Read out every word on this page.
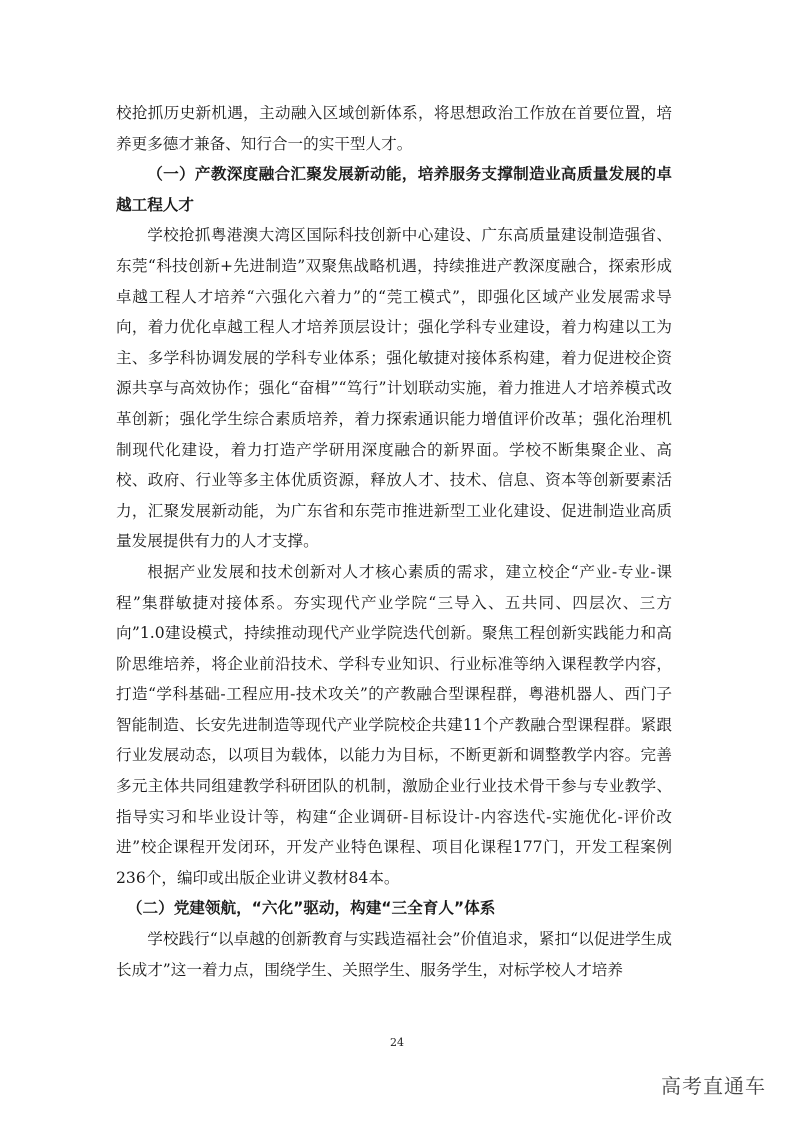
校抢抓历史新机遇，主动融入区域创新体系，将思想政治工作放在首要位置，培养更多德才兼备、知行合一的实干型人才。

（一）产教深度融合汇聚发展新动能，培养服务支撑制造业高质量发展的卓越工程人才

学校抢抓粤港澳大湾区国际科技创新中心建设、广东高质量建设制造强省、东莞“科技创新+先进制造”双聚焦战略机遇，持续推进产教深度融合，探索形成卓越工程人才培养“六强化六着力”的“莞工模式”，即强化区域产业发展需求导向，着力优化卓越工程人才培养顶层设计；强化学科专业建设，着力构建以工为主、多学科协调发展的学科专业体系；强化敏捷对接体系构建，着力促进校企资源共享与高效协作；强化“奋楫”“笃行”计划联动实施，着力推进人才培养模式改革创新；强化学生综合素质培养，着力探索通识能力增值评价改革；强化治理机制现代化建设，着力打造产学研用深度融合的新界面。学校不断集聚企业、高校、政府、行业等多主体优质资源，释放人才、技术、信息、资本等创新要素活力，汇聚发展新动能，为广东省和东莞市推进新型工业化建设、促进制造业高质量发展提供有力的人才支撑。

根据产业发展和技术创新对人才核心素质的需求，建立校企“产业-专业-课程”集群敏捷对接体系。夯实现代产业学院“三导入、五共同、四层次、三方向”1.0建设模式，持续推动现代产业学院迭代创新。聚焦工程创新实践能力和高阶思维培养，将企业前沿技术、学科专业知识、行业标准等纳入课程教学内容，打造“学科基础-工程应用-技术攻关”的产教融合型课程群，粤港机器人、西门子智能制造、长安先进制造等现代产业学院校企共建11个产教融合型课程群。紧跟行业发展动态，以项目为载体，以能力为目标，不断更新和调整教学内容。完善多元主体共同组建教学科研团队的机制，激励企业行业技术骨干参与专业教学、指导实习和毕业设计等，构建“企业调研-目标设计-内容迭代-实施优化-评价改进”校企课程开发闭环，开发产业特色课程、项目化课程177门，开发工程案例236个，编印或出版企业讲义教材84本。

（二）党建领航，“六化”驱动，构建“三全育人”体系

学校践行“以卓越的创新教育与实践造福社会”价值追求，紧扣“以促进学生成长成才”这一着力点，围绕学生、关照学生、服务学生，对标学校人才培养

24
高考直通车
